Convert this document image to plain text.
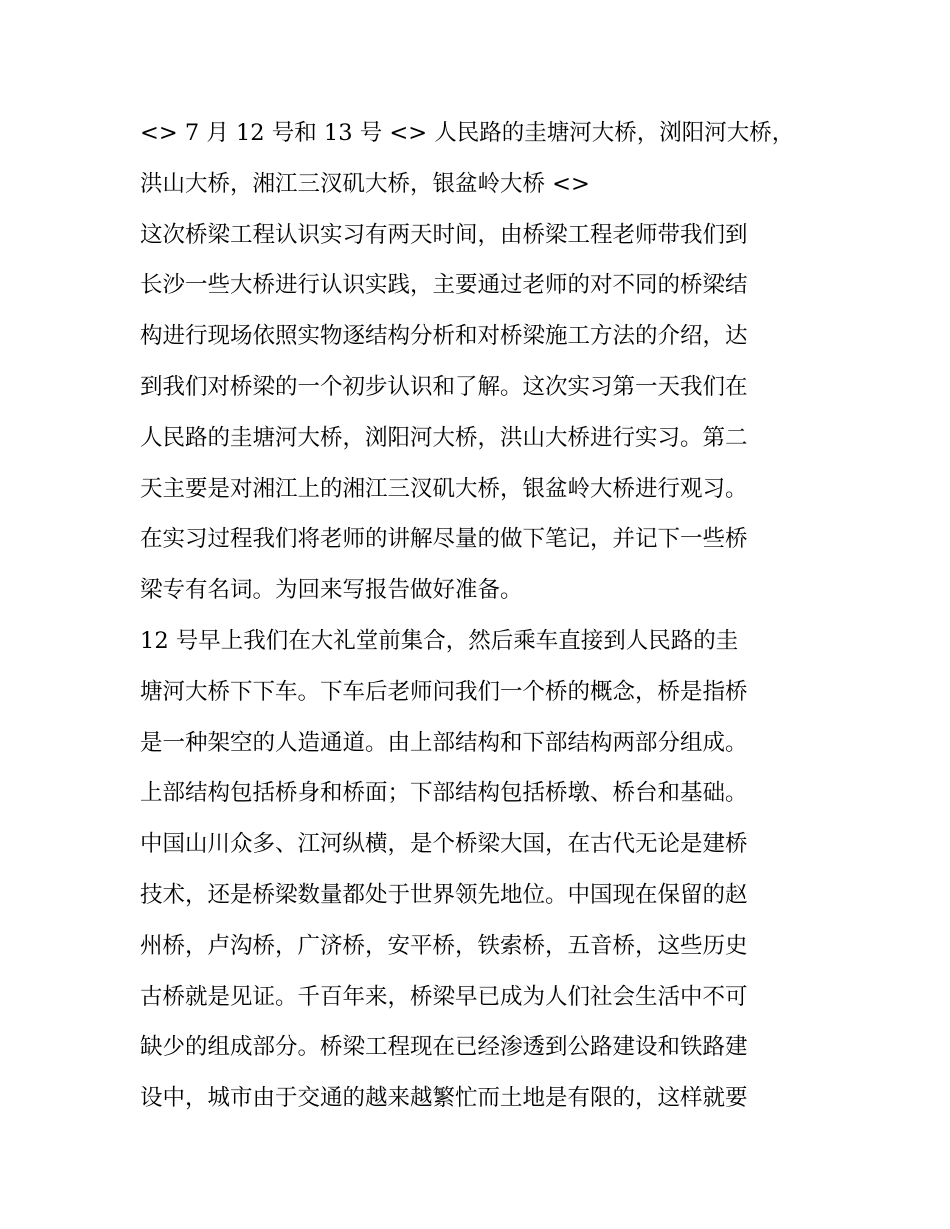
<> 7 月 12 号和 13 号 <> 人民路的圭塘河大桥，浏阳河大桥，
洪山大桥，湘江三汊矶大桥，银盆岭大桥 <>
这次桥梁工程认识实习有两天时间，由桥梁工程老师带我们到
长沙一些大桥进行认识实践，主要通过老师的对不同的桥梁结
构进行现场依照实物逐结构分析和对桥梁施工方法的介绍，达
到我们对桥梁的一个初步认识和了解。这次实习第一天我们在
人民路的圭塘河大桥，浏阳河大桥，洪山大桥进行实习。第二
天主要是对湘江上的湘江三汊矶大桥，银盆岭大桥进行观习。
在实习过程我们将老师的讲解尽量的做下笔记，并记下一些桥
梁专有名词。为回来写报告做好准备。
12 号早上我们在大礼堂前集合，然后乘车直接到人民路的圭
塘河大桥下下车。下车后老师问我们一个桥的概念，桥是指桥
是一种架空的人造通道。由上部结构和下部结构两部分组成。
上部结构包括桥身和桥面；下部结构包括桥墩、桥台和基础。
中国山川众多、江河纵横，是个桥梁大国，在古代无论是建桥
技术，还是桥梁数量都处于世界领先地位。中国现在保留的赵
州桥，卢沟桥，广济桥，安平桥，铁索桥，五音桥，这些历史
古桥就是见证。千百年来，桥梁早已成为人们社会生活中不可
缺少的组成部分。桥梁工程现在已经渗透到公路建设和铁路建
设中，城市由于交通的越来越繁忙而土地是有限的，这样就要
